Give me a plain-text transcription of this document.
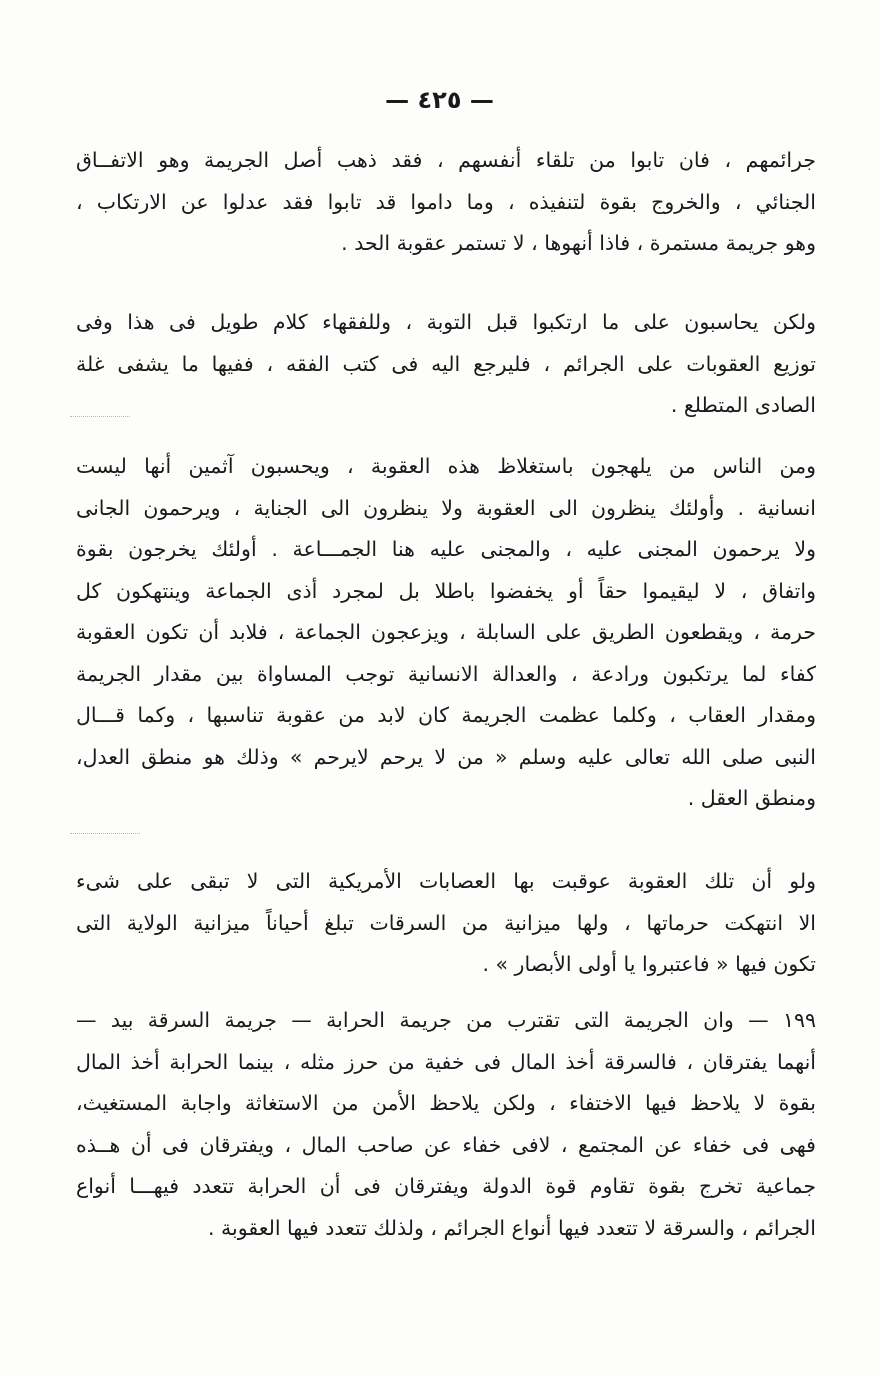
— ٤٢٥ —
جرائمهم ، فان تابوا من تلقاء أنفسهم ، فقد ذهب أصل الجريمة وهو الاتفــاق
الجنائي ، والخروج بقوة لتنفيذه ، وما داموا قد تابوا فقد عدلوا عن الارتكاب ،
وهو جريمة مستمرة ، فاذا أنهوها ، لا تستمر عقوبة الحد .
ولكن يحاسبون على ما ارتكبوا قبل التوبة ، وللفقهاء كلام طويل فى هذا وفى
توزيع العقوبات على الجرائم ، فليرجع اليه فى كتب الفقه ، ففيها ما يشفى غلة
الصادى المتطلع .
ومن الناس من يلهجون باستغلاظ هذه العقوبة ، ويحسبون آثمين أنها ليست
انسانية . وأولئك ينظرون الى العقوبة ولا ينظرون الى الجناية ، ويرحمون الجانى
ولا يرحمون المجنى عليه ، والمجنى عليه هنا الجمـــاعة . أولئك يخرجون بقوة
واتفاق ، لا ليقيموا حقاً أو يخفضوا باطلا بل لمجرد أذى الجماعة وينتهكون كل
حرمة ، ويقطعون الطريق على السابلة ، ويزعجون الجماعة ، فلابد أن تكون العقوبة
كفاء لما يرتكبون ورادعة ، والعدالة الانسانية توجب المساواة بين مقدار الجريمة
ومقدار العقاب ، وكلما عظمت الجريمة كان لابد من عقوبة تناسبها ، وكما قـــال
النبى صلى الله تعالى عليه وسلم « من لا يرحم لايرحم » وذلك هو منطق العدل،
ومنطق العقل .
ولو أن تلك العقوبة عوقبت بها العصابات الأمريكية التى لا تبقى على شىء
الا انتهكت حرماتها ، ولها ميزانية من السرقات تبلغ أحياناً ميزانية الولاية التى
تكون فيها « فاعتبروا يا أولى الأبصار » .
١٩٩ — وان الجريمة التى تقترب من جريمة الحرابة — جريمة السرقة بيد —
أنهما يفترقان ، فالسرقة أخذ المال فى خفية من حرز مثله ، بينما الحرابة أخذ المال
بقوة لا يلاحظ فيها الاختفاء ، ولكن يلاحظ الأمن من الاستغاثة واجابة المستغيث،
فهى فى خفاء عن المجتمع ، لافى خفاء عن صاحب المال ، ويفترقان فى أن هــذه
جماعية تخرج بقوة تقاوم قوة الدولة ويفترقان فى أن الحرابة تتعدد فيهـــا أنواع
الجرائم ، والسرقة لا تتعدد فيها أنواع الجرائم ، ولذلك تتعدد فيها العقوبة .
